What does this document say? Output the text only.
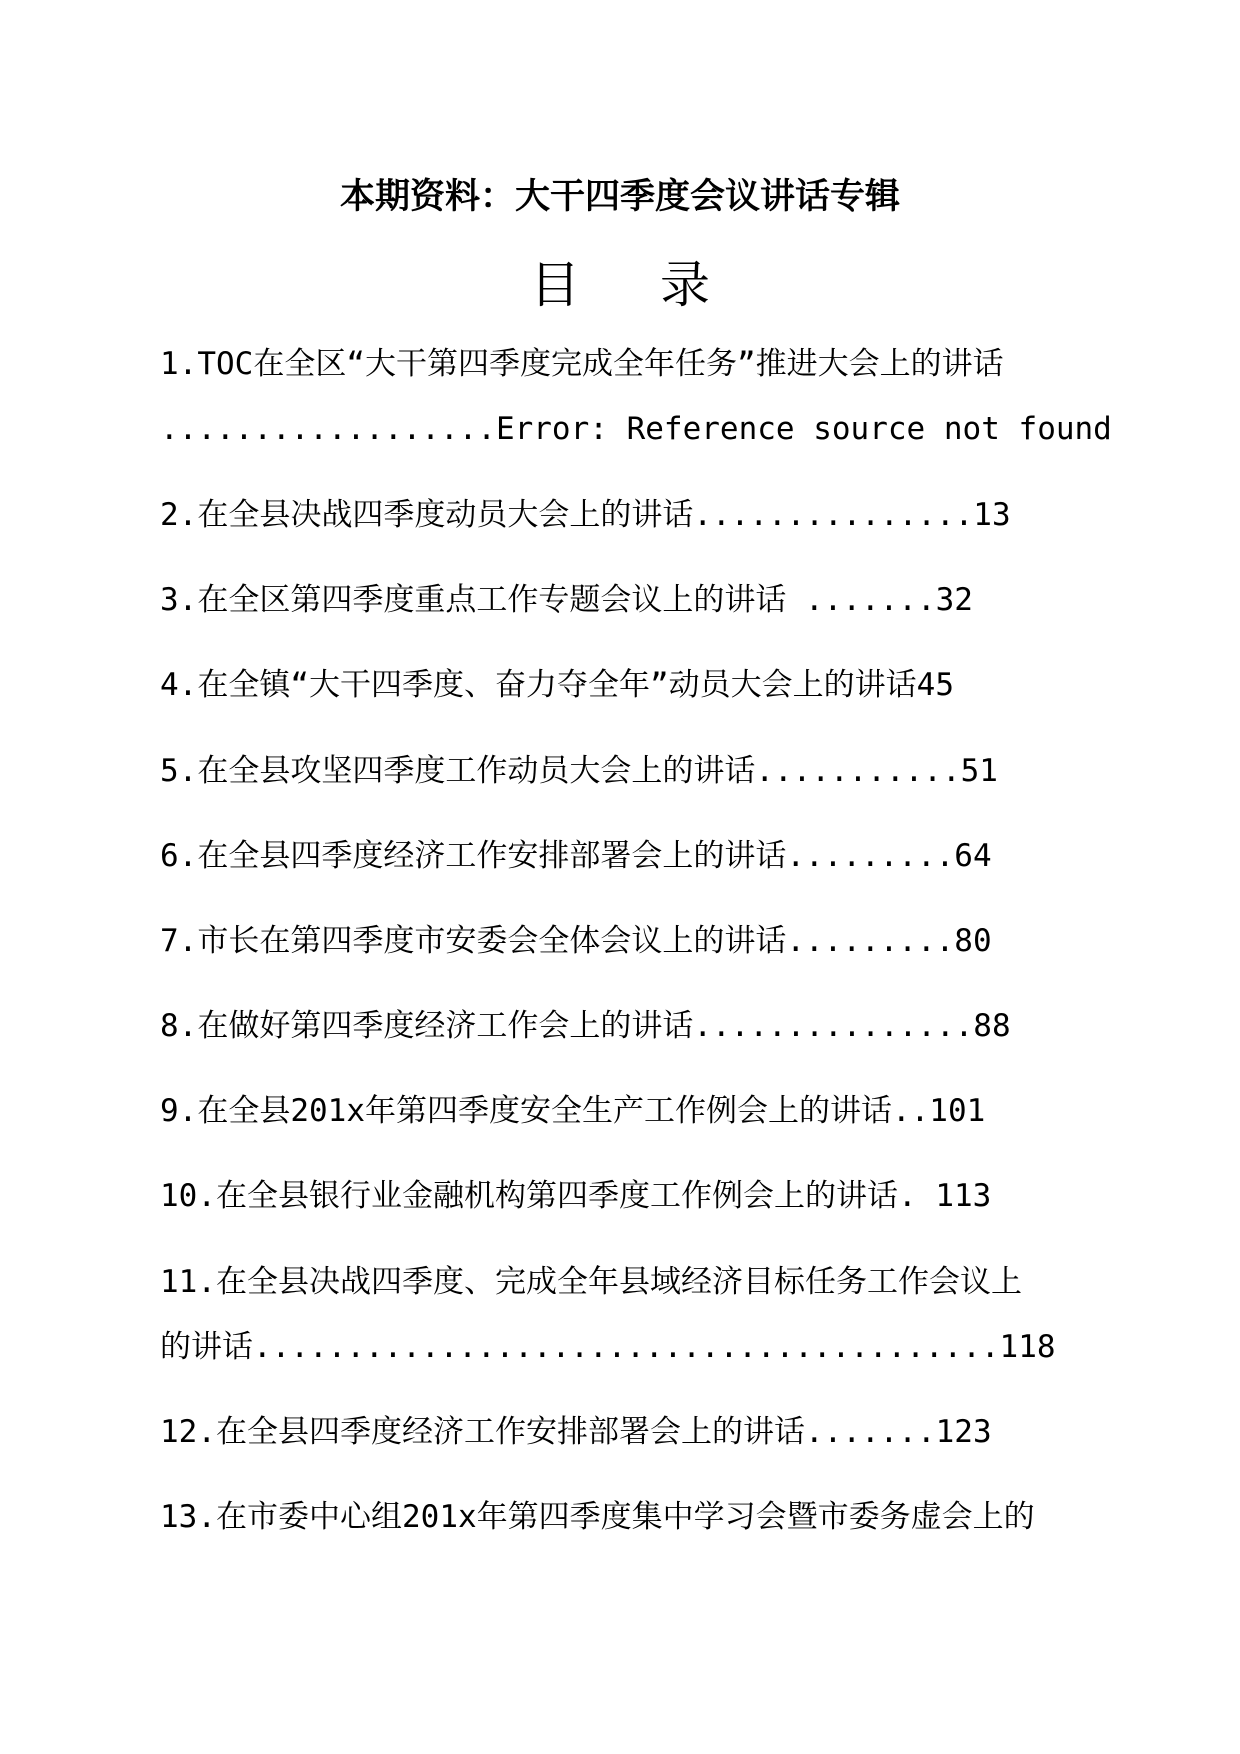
本期资料：大干四季度会议讲话专辑
目 录
1.TOC在全区“大干第四季度完成全年任务”推进大会上的讲话
..................Error: Reference source not found
2.在全县决战四季度动员大会上的讲话...............13
3.在全区第四季度重点工作专题会议上的讲话 .......32
4.在全镇“大干四季度、奋力夺全年”动员大会上的讲话45
5.在全县攻坚四季度工作动员大会上的讲话...........51
6.在全县四季度经济工作安排部署会上的讲话.........64
7.市长在第四季度市安委会全体会议上的讲话.........80
8.在做好第四季度经济工作会上的讲话...............88
9.在全县201x年第四季度安全生产工作例会上的讲话..101
10.在全县银行业金融机构第四季度工作例会上的讲话. 113
11.在全县决战四季度、完成全年县域经济目标任务工作会议上
的讲话........................................118
12.在全县四季度经济工作安排部署会上的讲话.......123
13.在市委中心组201x年第四季度集中学习会暨市委务虚会上的
